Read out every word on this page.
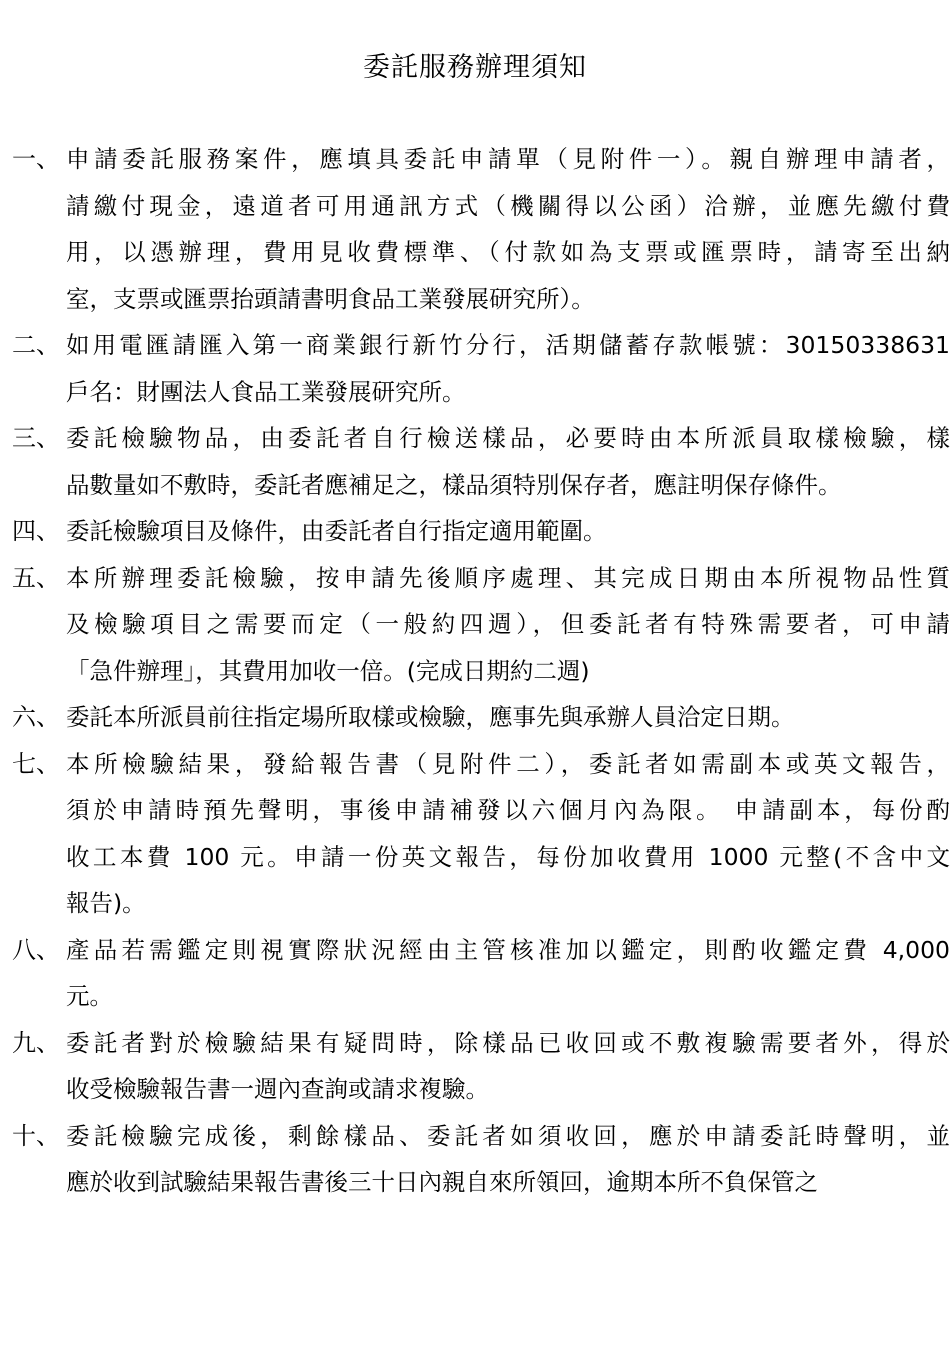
委託服務辦理須知
一、 申請委託服務案件，應填具委託申請單（見附件一）。親自辦理申請者，
請繳付現金，遠道者可用通訊方式（機關得以公函）洽辦，並應先繳付費
用，以憑辦理，費用見收費標準、（付款如為支票或匯票時，請寄至出納
室，支票或匯票抬頭請書明食品工業發展研究所）。
二、 如用電匯請匯入第一商業銀行新竹分行，活期儲蓄存款帳號：30150338631
戶名：財團法人食品工業發展研究所。
三、 委託檢驗物品，由委託者自行檢送樣品，必要時由本所派員取樣檢驗，樣
品數量如不敷時，委託者應補足之，樣品須特別保存者，應註明保存條件。
四、 委託檢驗項目及條件，由委託者自行指定適用範圍。
五、 本所辦理委託檢驗，按申請先後順序處理、其完成日期由本所視物品性質
及檢驗項目之需要而定（一般約四週），但委託者有特殊需要者，可申請
「急件辦理」，其費用加收一倍。(完成日期約二週)
六、 委託本所派員前往指定場所取樣或檢驗，應事先與承辦人員洽定日期。
七、 本所檢驗結果，發給報告書（見附件二），委託者如需副本或英文報告，
須於申請時預先聲明，事後申請補發以六個月內為限。 申請副本，每份酌
收工本費 100 元。申請一份英文報告，每份加收費用 1000 元整(不含中文
報告)。
八、 產品若需鑑定則視實際狀況經由主管核准加以鑑定，則酌收鑑定費 4,000
元。
九、 委託者對於檢驗結果有疑問時，除樣品已收回或不敷複驗需要者外，得於
收受檢驗報告書一週內查詢或請求複驗。
十、 委託檢驗完成後，剩餘樣品、委託者如須收回，應於申請委託時聲明，並
應於收到試驗結果報告書後三十日內親自來所領回，逾期本所不負保管之
